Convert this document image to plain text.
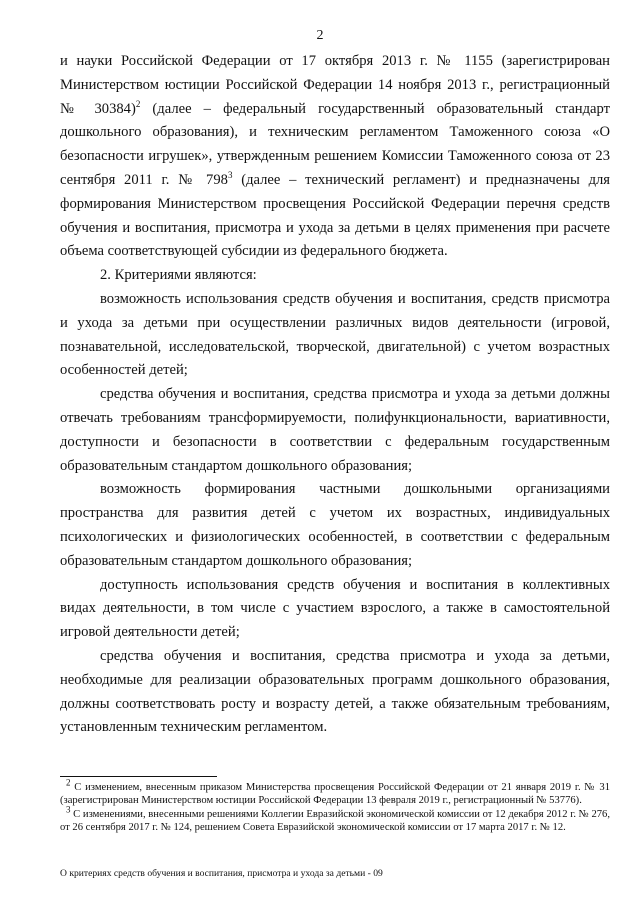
2

и науки Российской Федерации от 17 октября 2013 г. № 1155 (зарегистрирован Министерством юстиции Российской Федерации 14 ноября 2013 г., регистрационный № 30384)$^2$ (далее – федеральный государственный образовательный стандарт дошкольного образования), и техническим регламентом Таможенного союза «О безопасности игрушек», утвержденным решением Комиссии Таможенного союза от 23 сентября 2011 г. № $798^3$ (далее – технический регламент) и предназначены для формирования Министерством просвещения Российской Федерации перечня средств обучения и воспитания, присмотра и ухода за детьми в целях применения при расчете объема соответствующей субсидии из федерального бюджета.

2. Критериями являются:

возможность использования средств обучения и воспитания, средств присмотра и ухода за детьми при осуществлении различных видов деятельности (игровой, познавательной, исследовательской, творческой, двигательной) с учетом возрастных особенностей детей;

средства обучения и воспитания, средства присмотра и ухода за детьми должны отвечать требованиям трансформируемости, полифункциональности, вариативности, доступности и безопасности в соответствии с федеральным государственным образовательным стандартом дошкольного образования;

возможность формирования частными дошкольными организациями пространства для развития детей с учетом их возрастных, индивидуальных психологических и физиологических особенностей, в соответствии с федеральным образовательным стандартом дошкольного образования;

доступность использования средств обучения и воспитания в коллективных видах деятельности, в том числе с участием взрослого, а также в самостоятельной игровой деятельности детей;

средства обучения и воспитания, средства присмотра и ухода за детьми, необходимые для реализации образовательных программ дошкольного образования, должны соответствовать росту и возрасту детей, а также обязательным требованиям, установленным техническим регламентом.

$^2$ С изменением, внесенным приказом Министерства просвещения Российской Федерации от 21 января 2019 г. № 31 (зарегистрирован Министерством юстиции Российской Федерации 13 февраля 2019 г., регистрационный № 53776).

$^3$ С изменениями, внесенными решениями Коллегии Евразийской экономической комиссии от 12 декабря 2012 г. № 276, от 26 сентября 2017 г. № 124, решением Совета Евразийской экономической комиссии от 17 марта 2017 г. № 12.

О критериях средств обучения и воспитания, присмотра и ухода за детьми - 09
